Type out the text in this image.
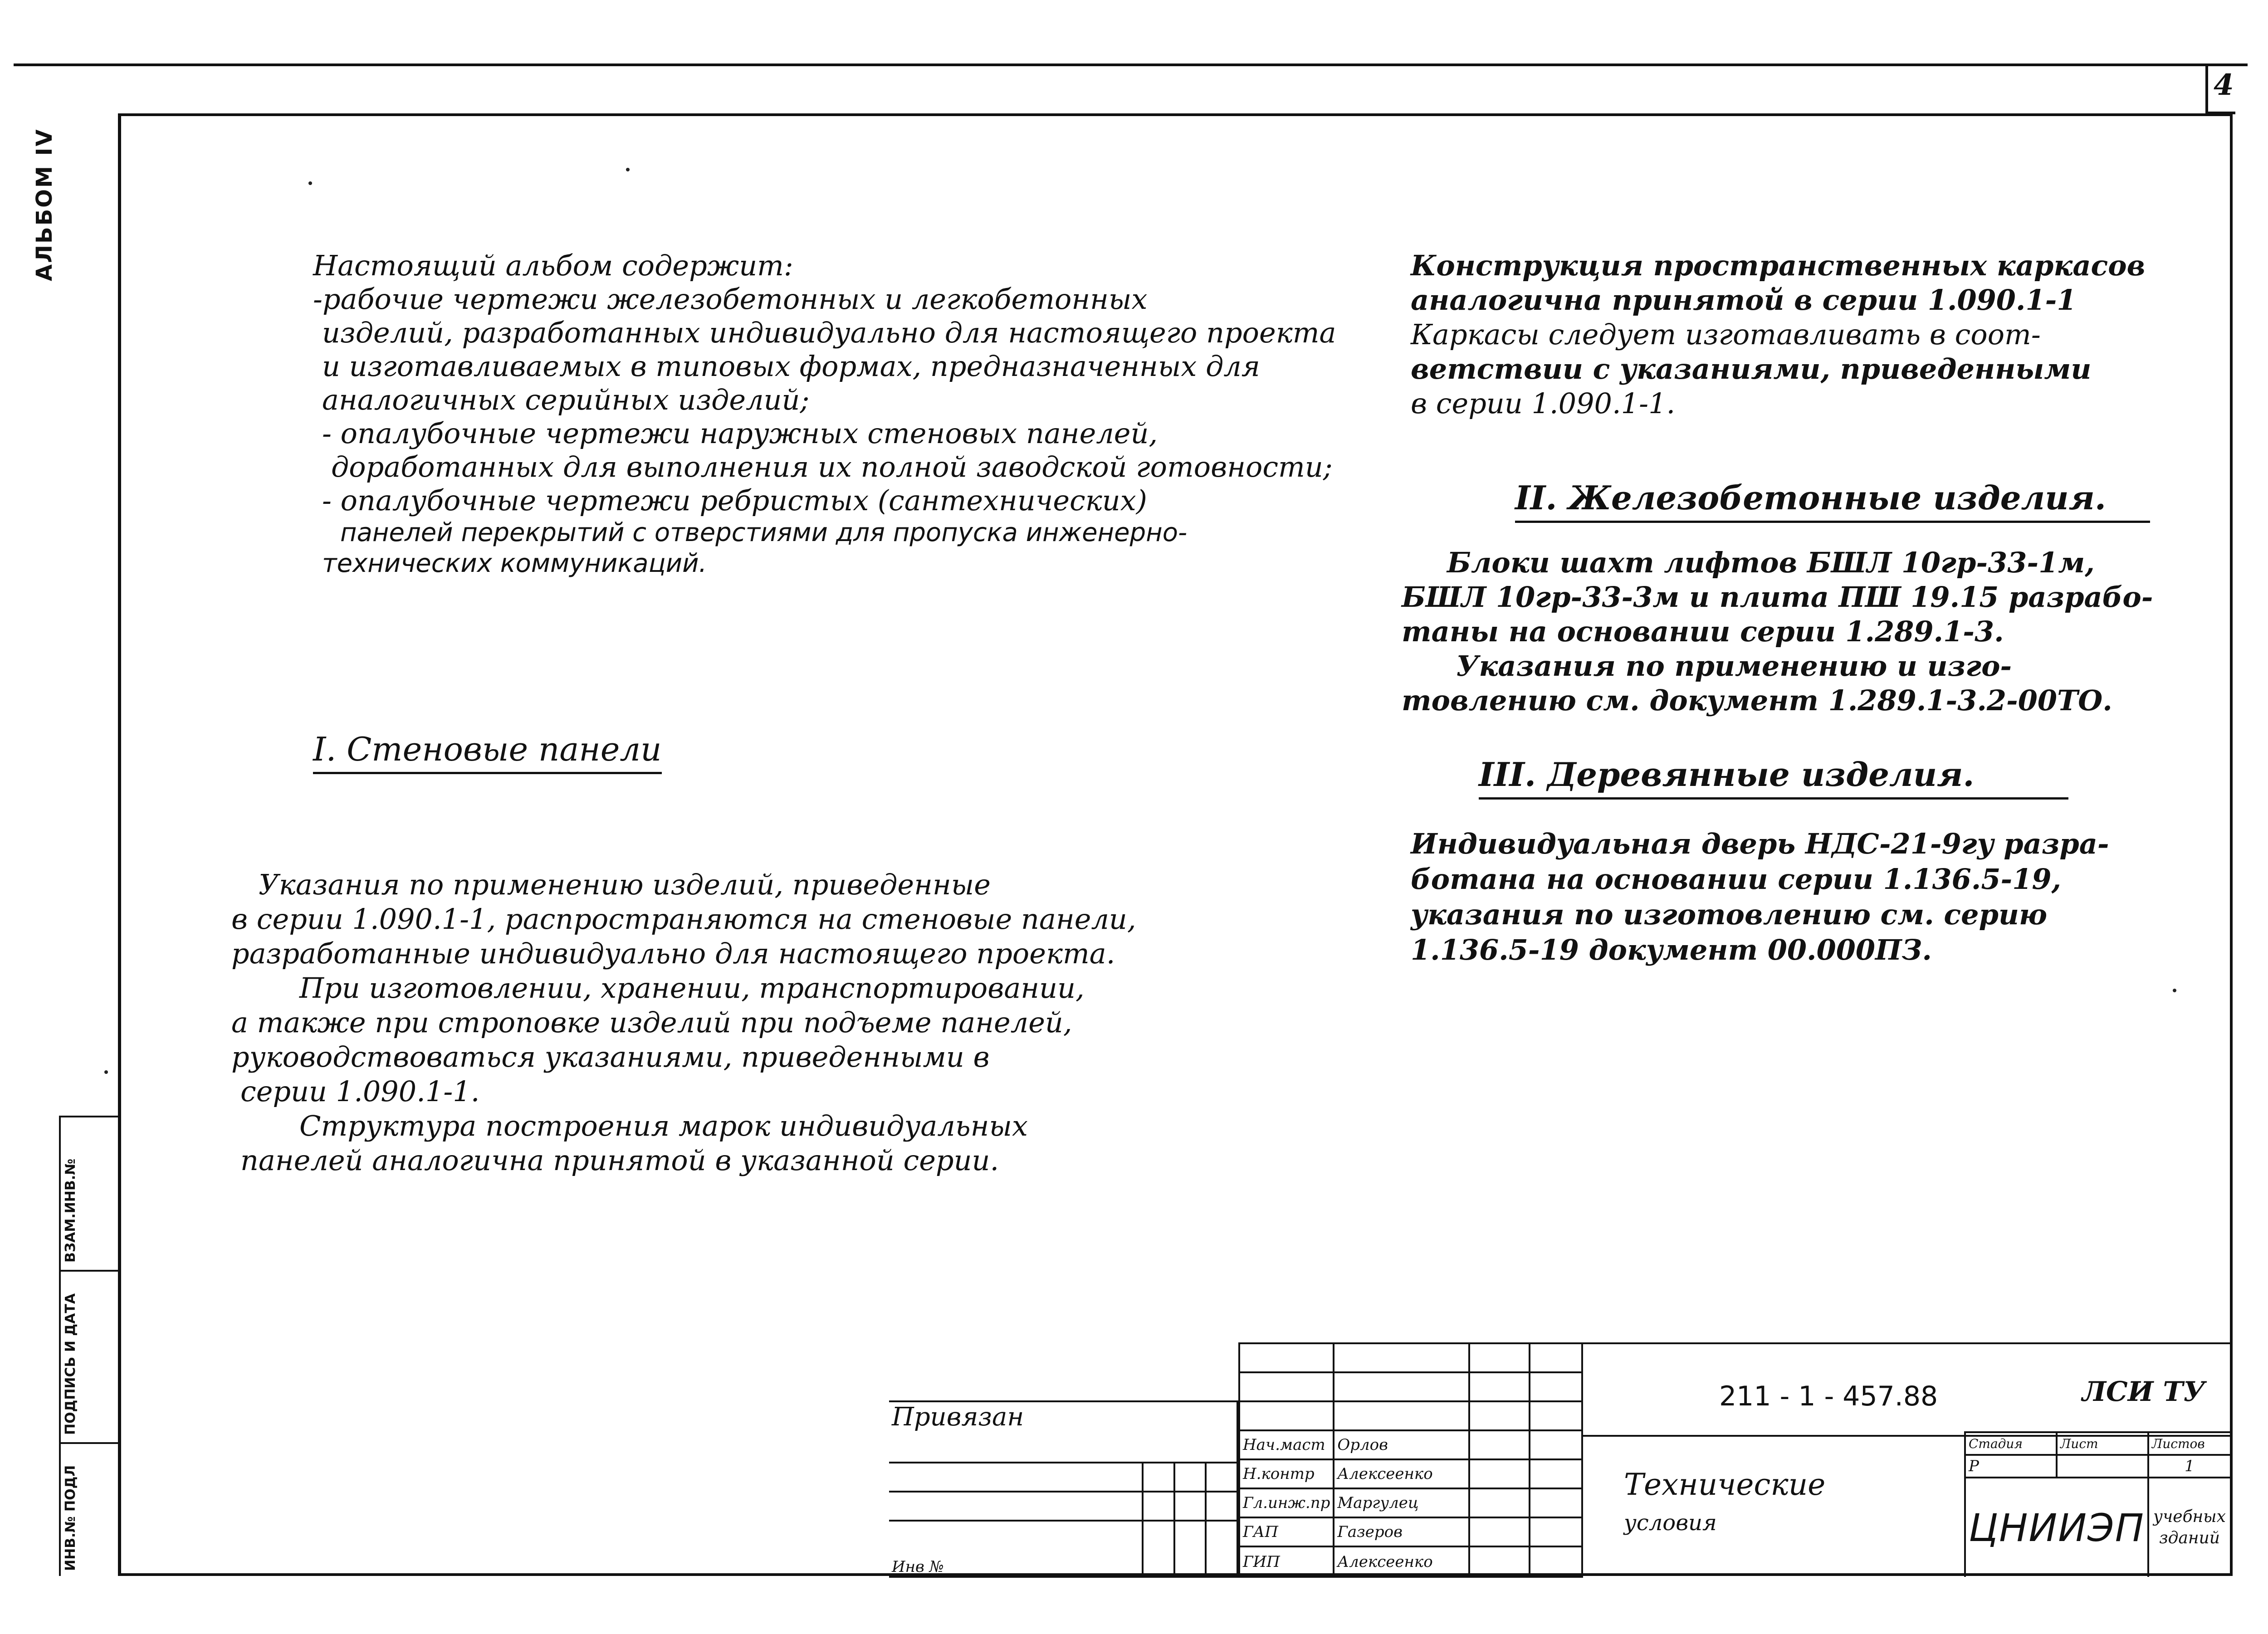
4
АЛЬБОМ IV
ВЗАМ.ИНВ.№
ПОДПИСЬ И ДАТА
ИНВ.№ ПОДЛ
Настоящий альбом содержит:
-рабочие чертежи железобетонных и легкобетонных
изделий, разработанных индивидуально для настоящего проекта
и изготавливаемых в типовых формах, предназначенных для
аналогичных серийных изделий;
- опалубочные чертежи наружных стеновых панелей,
доработанных для выполнения их полной заводской готовности;
- опалубочные чертежи ребристых (сантехнических)
панелей перекрытий с отверстиями для пропуска инженерно-
технических коммуникаций.
I. Стеновые панели
Указания по применению изделий, приведенные
в серии 1.090.1-1, распространяются на стеновые панели,
разработанные индивидуально для настоящего проекта.
При изготовлении, хранении, транспортировании,
а также при строповке изделий при подъеме панелей,
руководствоваться указаниями, приведенными в
серии 1.090.1-1.
Структура построения марок индивидуальных
панелей аналогична принятой в указанной серии.
Конструкция пространственных каркасов
аналогична принятой в серии 1.090.1-1
Каркасы следует изготавливать в соот-
ветствии с указаниями, приведенными
в серии 1.090.1-1.
II. Железобетонные изделия.
Блоки шахт лифтов БШЛ 10гр-33-1м,
БШЛ 10гр-33-3м и плита ПШ 19.15 разрабо-
таны на основании серии 1.289.1-3.
Указания по применению и изго-
товлению см. документ 1.289.1-3.2-00ТО.
III. Деревянные изделия.
Индивидуальная дверь НДС-21-9гу разра-
ботана на основании серии 1.136.5-19,
указания по изготовлению см. серию
1.136.5-19 документ 00.000ПЗ.
Привязан			

Инв №			

Нач.маст	Орлов		
Н.контр	Алексеенко		
Гл.инж.пр	Маргулец		
ГАП	Газеров		
ГИП	Алексеенко		
211 - 1 - 457.88	ЛСИ ТУ
Технические
условия
Стадия	Лист	Листов
Р		1
ЦНИИЭП		учебных
зданий
